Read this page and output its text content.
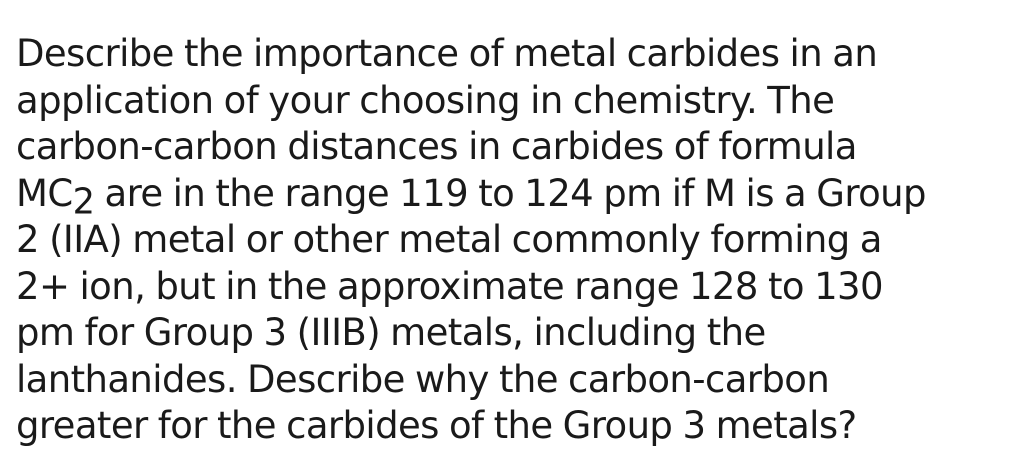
Describe the importance of metal carbides in an
application of your choosing in chemistry. The
carbon-carbon distances in carbides of formula
MC2 are in the range 119 to 124 pm if M is a Group
2 (IIA) metal or other metal commonly forming a
2+ ion, but in the approximate range 128 to 130
pm for Group 3 (IIIB) metals, including the
lanthanides. Describe why the carbon-carbon
greater for the carbides of the Group 3 metals?
